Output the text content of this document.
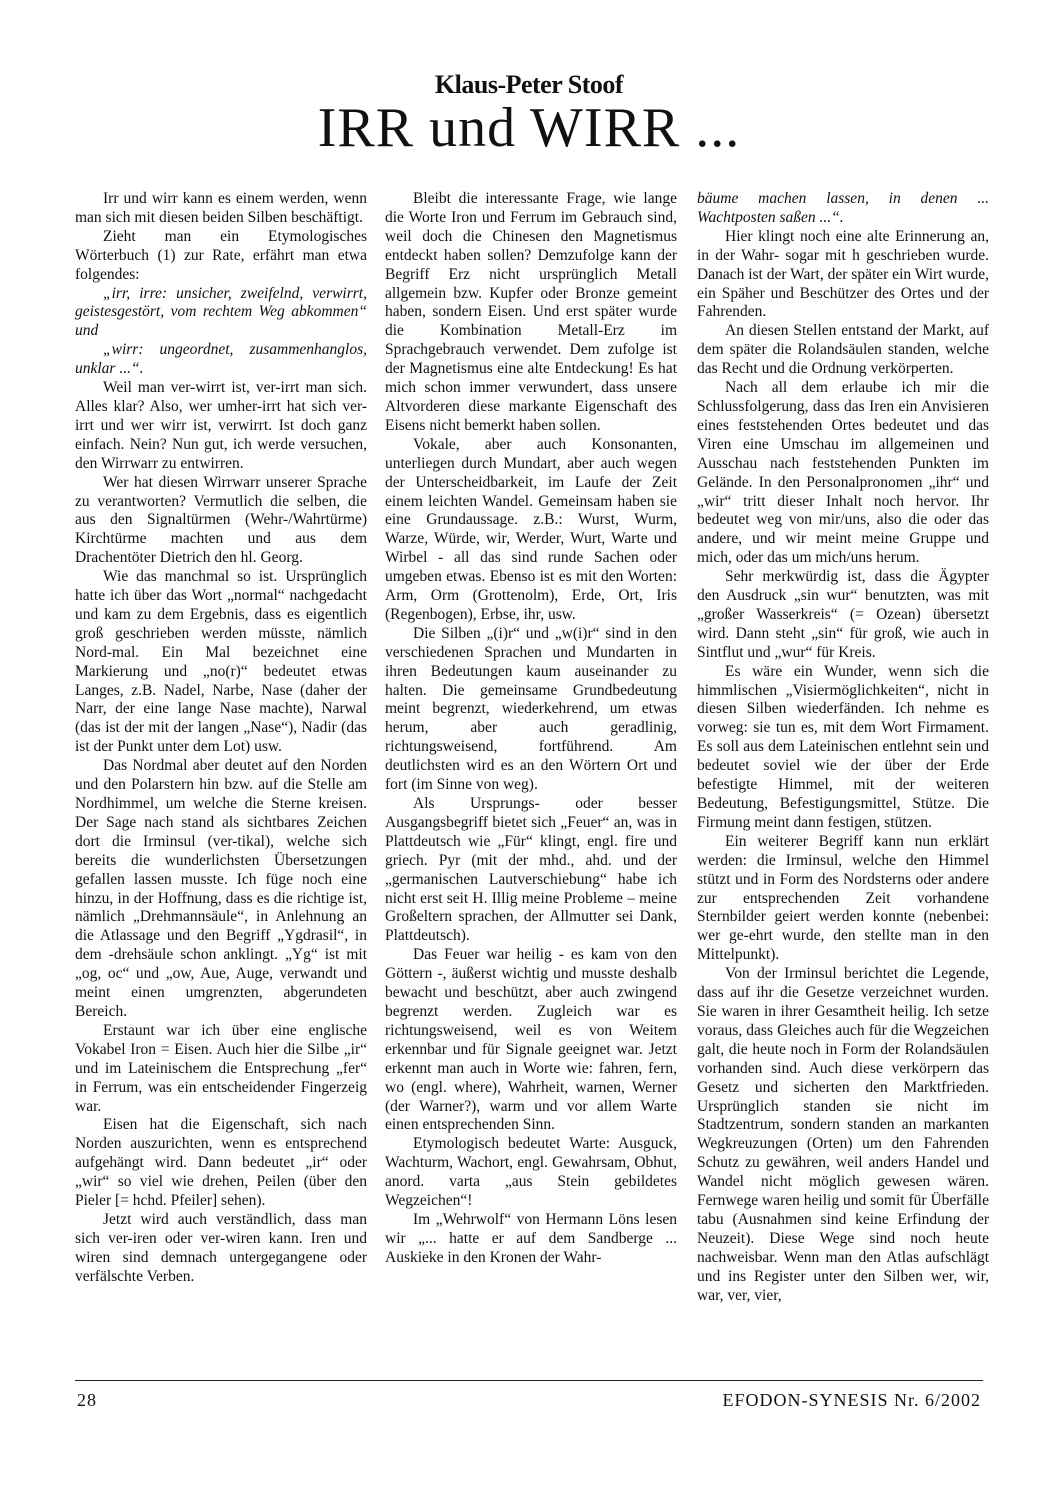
Klaus-Peter Stoof
IRR und WIRR ...

Irr und wirr kann es einem werden, wenn man sich mit diesen beiden Silben beschäftigt.

Zieht man ein Etymologisches Wörterbuch (1) zur Rate, erfährt man etwa folgendes:

„irr, irre: unsicher, zweifelnd, verwirrt, geistesgestört, vom rechtem Weg abkommen“ und

„wirr: ungeordnet, zusammenhanglos, unklar ...“.

Weil man ver-wirrt ist, ver-irrt man sich. Alles klar? Also, wer umher-irrt hat sich ver-irrt und wer wirr ist, verwirrt. Ist doch ganz einfach. Nein? Nun gut, ich werde versuchen, den Wirrwarr zu entwirren.

Wer hat diesen Wirrwarr unserer Sprache zu verantworten? Vermutlich die selben, die aus den Signaltürmen (Wehr-/Wahrtürme) Kirchtürme machten und aus dem Drachentöter Dietrich den hl. Georg.

Wie das manchmal so ist. Ursprünglich hatte ich über das Wort „normal“ nachgedacht und kam zu dem Ergebnis, dass es eigentlich groß geschrieben werden müsste, nämlich Nord-mal. Ein Mal bezeichnet eine Markierung und „no(r)“ bedeutet etwas Langes, z.B. Nadel, Narbe, Nase (daher der Narr, der eine lange Nase machte), Narwal (das ist der mit der langen „Nase“), Nadir (das ist der Punkt unter dem Lot) usw.

Das Nordmal aber deutet auf den Norden und den Polarstern hin bzw. auf die Stelle am Nordhimmel, um welche die Sterne kreisen. Der Sage nach stand als sichtbares Zeichen dort die Irminsul (ver-tikal), welche sich bereits die wunderlichsten Übersetzungen gefallen lassen musste. Ich füge noch eine hinzu, in der Hoffnung, dass es die richtige ist, nämlich „Drehmannsäule“, in Anlehnung an die Atlassage und den Begriff „Ygdrasil“, in dem -drehsäule schon anklingt. „Yg“ ist mit „og, oc“ und „ow, Aue, Auge, verwandt und meint einen umgrenzten, abgerundeten Bereich.

Erstaunt war ich über eine englische Vokabel Iron = Eisen. Auch hier die Silbe „ir“ und im Lateinischem die Entsprechung „fer“ in Ferrum, was ein entscheidender Fingerzeig war.

Eisen hat die Eigenschaft, sich nach Norden auszurichten, wenn es entsprechend aufgehängt wird. Dann bedeutet „ir“ oder „wir“ so viel wie drehen, Peilen (über den Pieler [= hchd. Pfeiler] sehen).

Jetzt wird auch verständlich, dass man sich ver-iren oder ver-wiren kann. Iren und wiren sind demnach untergegangene oder verfälschte Verben.

Bleibt die interessante Frage, wie lange die Worte Iron und Ferrum im Gebrauch sind, weil doch die Chinesen den Magnetismus entdeckt haben sollen? Demzufolge kann der Begriff Erz nicht ursprünglich Metall allgemein bzw. Kupfer oder Bronze gemeint haben, sondern Eisen. Und erst später wurde die Kombination Metall-Erz im Sprachgebrauch verwendet. Dem zufolge ist der Magnetismus eine alte Entdeckung! Es hat mich schon immer verwundert, dass unsere Altvorderen diese markante Eigenschaft des Eisens nicht bemerkt haben sollen.

Vokale, aber auch Konsonanten, unterliegen durch Mundart, aber auch wegen der Unterscheidbarkeit, im Laufe der Zeit einem leichten Wandel. Gemeinsam haben sie eine Grundaussage. z.B.: Wurst, Wurm, Warze, Würde, wir, Werder, Wurt, Warte und Wirbel - all das sind runde Sachen oder umgeben etwas. Ebenso ist es mit den Worten: Arm, Orm (Grottenolm), Erde, Ort, Iris (Regenbogen), Erbse, ihr, usw.

Die Silben „(i)r“ und „w(i)r“ sind in den verschiedenen Sprachen und Mundarten in ihren Bedeutungen kaum auseinander zu halten. Die gemeinsame Grundbedeutung meint begrenzt, wiederkehrend, um etwas herum, aber auch geradlinig, richtungsweisend, fortführend. Am deutlichsten wird es an den Wörtern Ort und fort (im Sinne von weg).

Als Ursprungs- oder besser Ausgangsbegriff bietet sich „Feuer“ an, was in Plattdeutsch wie „Für“ klingt, engl. fire und griech. Pyr (mit der mhd., ahd. und der „germanischen Lautverschiebung“ habe ich nicht erst seit H. Illig meine Probleme – meine Großeltern sprachen, der Allmutter sei Dank, Plattdeutsch).

Das Feuer war heilig - es kam von den Göttern -, äußerst wichtig und musste deshalb bewacht und beschützt, aber auch zwingend begrenzt werden. Zugleich war es richtungsweisend, weil es von Weitem erkennbar und für Signale geeignet war. Jetzt erkennt man auch in Worte wie: fahren, fern, wo (engl. where), Wahrheit, warnen, Werner (der Warner?), warm und vor allem Warte einen entsprechenden Sinn.

Etymologisch bedeutet Warte: Ausguck, Wachturm, Wachort, engl. Gewahrsam, Obhut, anord. varta „aus Stein gebildetes Wegzeichen“!

Im „Wehrwolf“ von Hermann Löns lesen wir „... hatte er auf dem Sandberge ... Auskieke in den Kronen der Wahr-

bäume machen lassen, in denen ... Wachtposten saßen ...“.

Hier klingt noch eine alte Erinnerung an, in der Wahr- sogar mit h geschrieben wurde. Danach ist der Wart, der später ein Wirt wurde, ein Späher und Beschützer des Ortes und der Fahrenden.

An diesen Stellen entstand der Markt, auf dem später die Rolandsäulen standen, welche das Recht und die Ordnung verkörperten.

Nach all dem erlaube ich mir die Schlussfolgerung, dass das Iren ein Anvisieren eines feststehenden Ortes bedeutet und das Viren eine Umschau im allgemeinen und Ausschau nach feststehenden Punkten im Gelände. In den Personalpronomen „ihr“ und „wir“ tritt dieser Inhalt noch hervor. Ihr bedeutet weg von mir/uns, also die oder das andere, und wir meint meine Gruppe und mich, oder das um mich/uns herum.

Sehr merkwürdig ist, dass die Ägypter den Ausdruck „sin wur“ benutzten, was mit „großer Wasserkreis“ (= Ozean) übersetzt wird. Dann steht „sin“ für groß, wie auch in Sintflut und „wur“ für Kreis.

Es wäre ein Wunder, wenn sich die himmlischen „Visiermöglichkeiten“, nicht in diesen Silben wiederfänden. Ich nehme es vorweg: sie tun es, mit dem Wort Firmament. Es soll aus dem Lateinischen entlehnt sein und bedeutet soviel wie der über der Erde befestigte Himmel, mit der weiteren Bedeutung, Befestigungsmittel, Stütze. Die Firmung meint dann festigen, stützen.

Ein weiterer Begriff kann nun erklärt werden: die Irminsul, welche den Himmel stützt und in Form des Nordsterns oder andere zur entsprechenden Zeit vorhandene Sternbilder geiert werden konnte (nebenbei: wer ge-ehrt wurde, den stellte man in den Mittelpunkt).

Von der Irminsul berichtet die Legende, dass auf ihr die Gesetze verzeichnet wurden. Sie waren in ihrer Gesamtheit heilig. Ich setze voraus, dass Gleiches auch für die Wegzeichen galt, die heute noch in Form der Rolandsäulen vorhanden sind. Auch diese verkörpern das Gesetz und sicherten den Marktfrieden. Ursprünglich standen sie nicht im Stadtzentrum, sondern standen an markanten Wegkreuzungen (Orten) um den Fahrenden Schutz zu gewähren, weil anders Handel und Wandel nicht möglich gewesen wären. Fernwege waren heilig und somit für Überfälle tabu (Ausnahmen sind keine Erfindung der Neuzeit). Diese Wege sind noch heute nachweisbar. Wenn man den Atlas aufschlägt und ins Register unter den Silben wer, wir, war, ver, vier,

28	EFODON-SYNESIS Nr. 6/2002
